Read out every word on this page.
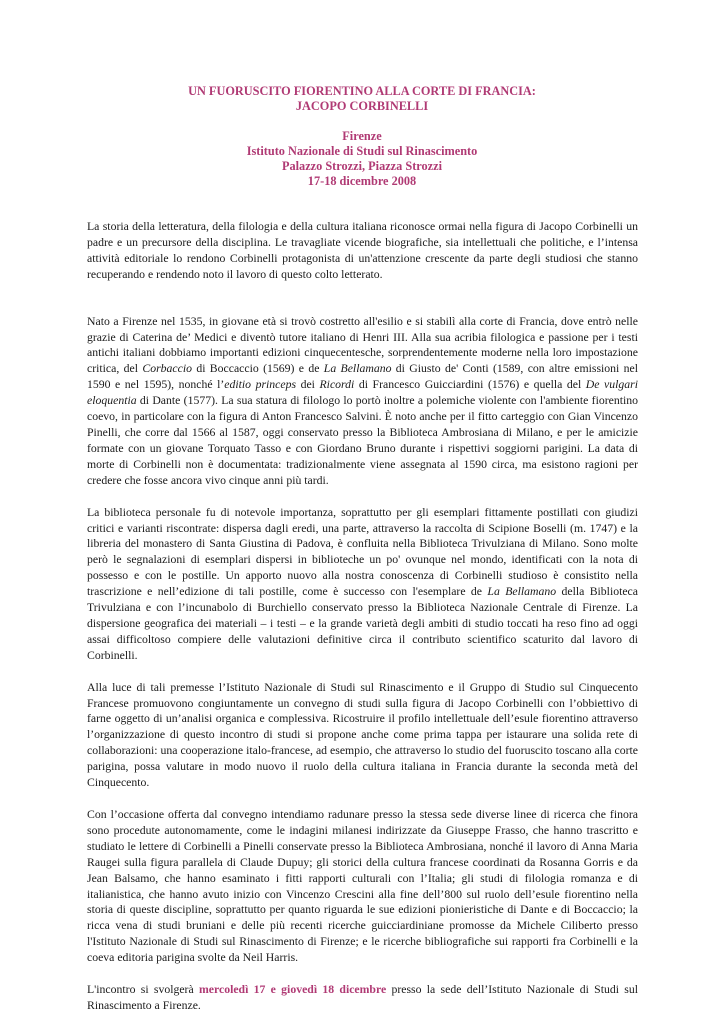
UN FUORUSCITO FIORENTINO ALLA CORTE DI FRANCIA:
JACOPO CORBINELLI
Firenze
Istituto Nazionale di Studi sul Rinascimento
Palazzo Strozzi, Piazza Strozzi
17-18 dicembre 2008

La storia della letteratura, della filologia e della cultura italiana riconosce ormai nella figura di Jacopo Corbinelli un padre e un precursore della disciplina. Le travagliate vicende biografiche, sia intellettuali che politiche, e l’intensa attività editoriale lo rendono Corbinelli protagonista di un'attenzione crescente da parte degli studiosi che stanno recuperando e rendendo noto il lavoro di questo colto letterato.

Nato a Firenze nel 1535, in giovane età si trovò costretto all'esilio e si stabilì alla corte di Francia, dove entrò nelle grazie di Caterina de’ Medici e diventò tutore italiano di Henri III. Alla sua acribia filologica e passione per i testi antichi italiani dobbiamo importanti edizioni cinquecentesche, sorprendentemente moderne nella loro impostazione critica, del Corbaccio di Boccaccio (1569) e de La Bellamano di Giusto de' Conti (1589, con altre emissioni nel 1590 e nel 1595), nonché l’editio princeps dei Ricordi di Francesco Guicciardini (1576) e quella del De vulgari eloquentia di Dante (1577). La sua statura di filologo lo portò inoltre a polemiche violente con l'ambiente fiorentino coevo, in particolare con la figura di Anton Francesco Salvini. È noto anche per il fitto carteggio con Gian Vincenzo Pinelli, che corre dal 1566 al 1587, oggi conservato presso la Biblioteca Ambrosiana di Milano, e per le amicizie formate con un giovane Torquato Tasso e con Giordano Bruno durante i rispettivi soggiorni parigini. La data di morte di Corbinelli non è documentata: tradizionalmente viene assegnata al 1590 circa, ma esistono ragioni per credere che fosse ancora vivo cinque anni più tardi.

La biblioteca personale fu di notevole importanza, soprattutto per gli esemplari fittamente postillati con giudizi critici e varianti riscontrate: dispersa dagli eredi, una parte, attraverso la raccolta di Scipione Boselli (m. 1747) e la libreria del monastero di Santa Giustina di Padova, è confluita nella Biblioteca Trivulziana di Milano. Sono molte però le segnalazioni di esemplari dispersi in biblioteche un po' ovunque nel mondo, identificati con la nota di possesso e con le postille. Un apporto nuovo alla nostra conoscenza di Corbinelli studioso è consistito nella trascrizione e nell’edizione di tali postille, come è successo con l'esemplare de La Bellamano della Biblioteca Trivulziana e con l’incunabolo di Burchiello conservato presso la Biblioteca Nazionale Centrale di Firenze. La dispersione geografica dei materiali – i testi – e la grande varietà degli ambiti di studio toccati ha reso fino ad oggi assai difficoltoso compiere delle valutazioni definitive circa il contributo scientifico scaturito dal lavoro di Corbinelli.

Alla luce di tali premesse l’Istituto Nazionale di Studi sul Rinascimento e il Gruppo di Studio sul Cinquecento Francese promuovono congiuntamente un convegno di studi sulla figura di Jacopo Corbinelli con l’obbiettivo di farne oggetto di un’analisi organica e complessiva. Ricostruire il profilo intellettuale dell’esule fiorentino attraverso l’organizzazione di questo incontro di studi si propone anche come prima tappa per istaurare una solida rete di collaborazioni: una cooperazione italo-francese, ad esempio, che attraverso lo studio del fuoruscito toscano alla corte parigina, possa valutare in modo nuovo il ruolo della cultura italiana in Francia durante la seconda metà del Cinquecento.

Con l’occasione offerta dal convegno intendiamo radunare presso la stessa sede diverse linee di ricerca che finora sono procedute autonomamente, come le indagini milanesi indirizzate da Giuseppe Frasso, che hanno trascritto e studiato le lettere di Corbinelli a Pinelli conservate presso la Biblioteca Ambrosiana, nonché il lavoro di Anna Maria Raugei sulla figura parallela di Claude Dupuy; gli storici della cultura francese coordinati da Rosanna Gorris e da Jean Balsamo, che hanno esaminato i fitti rapporti culturali con l’Italia; gli studi di filologia romanza e di italianistica, che hanno avuto inizio con Vincenzo Crescini alla fine dell’800 sul ruolo dell’esule fiorentino nella storia di queste discipline, soprattutto per quanto riguarda le sue edizioni pionieristiche di Dante e di Boccaccio; la ricca vena di studi bruniani e delle più recenti ricerche guicciardiniane promosse da Michele Ciliberto presso l'Istituto Nazionale di Studi sul Rinascimento di Firenze; e le ricerche bibliografiche sui rapporti fra Corbinelli e la coeva editoria parigina svolte da Neil Harris.

L'incontro si svolgerà mercoledì 17 e giovedì 18 dicembre presso la sede dell’Istituto Nazionale di Studi sul Rinascimento a Firenze.
